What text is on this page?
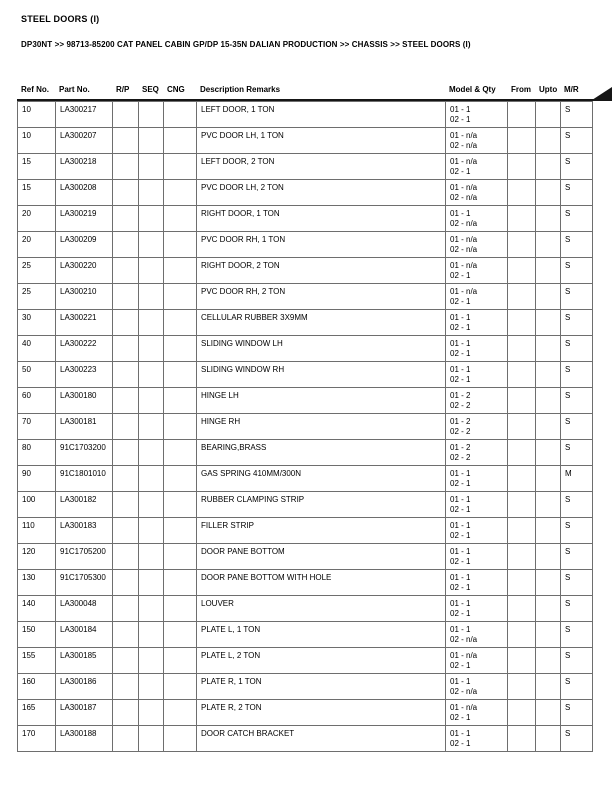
STEEL DOORS (I)
DP30NT >> 98713-85200 CAT PANEL CABIN GP/DP 15-35N DALIAN PRODUCTION >> CHASSIS >> STEEL DOORS (I)
Ref No.	Part No.	R/P	SEQ	CNG	Description Remarks	Model & Qty	From	Upto M/R
10	LA300217				LEFT DOOR, 1 TON	01 - 1
02 - 1			S
10	LA300207				PVC DOOR LH, 1 TON	01 - n/a
02 - n/a			S
15	LA300218				LEFT DOOR, 2 TON	01 - n/a
02 - 1			S
15	LA300208				PVC DOOR LH, 2 TON	01 - n/a
02 - n/a			S
20	LA300219				RIGHT DOOR, 1 TON	01 - 1
02 - n/a			S
20	LA300209				PVC DOOR RH, 1 TON	01 - n/a
02 - n/a			S
25	LA300220				RIGHT DOOR, 2 TON	01 - n/a
02 - 1			S
25	LA300210				PVC DOOR RH, 2 TON	01 - n/a
02 - 1			S
30	LA300221				CELLULAR RUBBER 3X9MM	01 - 1
02 - 1			S
40	LA300222				SLIDING WINDOW LH	01 - 1
02 - 1			S
50	LA300223				SLIDING WINDOW RH	01 - 1
02 - 1			S
60	LA300180				HINGE LH	01 - 2
02 - 2			S
70	LA300181				HINGE RH	01 - 2
02 - 2			S
80	91C1703200				BEARING,BRASS	01 - 2
02 - 2			S
90	91C1801010				GAS SPRING 410MM/300N	01 - 1
02 - 1			M
100	LA300182				RUBBER CLAMPING STRIP	01 - 1
02 - 1			S
110	LA300183				FILLER STRIP	01 - 1
02 - 1			S
120	91C1705200				DOOR PANE BOTTOM	01 - 1
02 - 1			S
130	91C1705300				DOOR PANE BOTTOM WITH HOLE	01 - 1
02 - 1			S
140	LA300048				LOUVER	01 - 1
02 - 1			S
150	LA300184				PLATE L, 1 TON	01 - 1
02 - n/a			S
155	LA300185				PLATE L, 2 TON	01 - n/a
02 - 1			S
160	LA300186				PLATE R, 1 TON	01 - 1
02 - n/a			S
165	LA300187				PLATE R, 2 TON	01 - n/a
02 - 1			S
170	LA300188				DOOR CATCH BRACKET	01 - 1
02 - 1			S
